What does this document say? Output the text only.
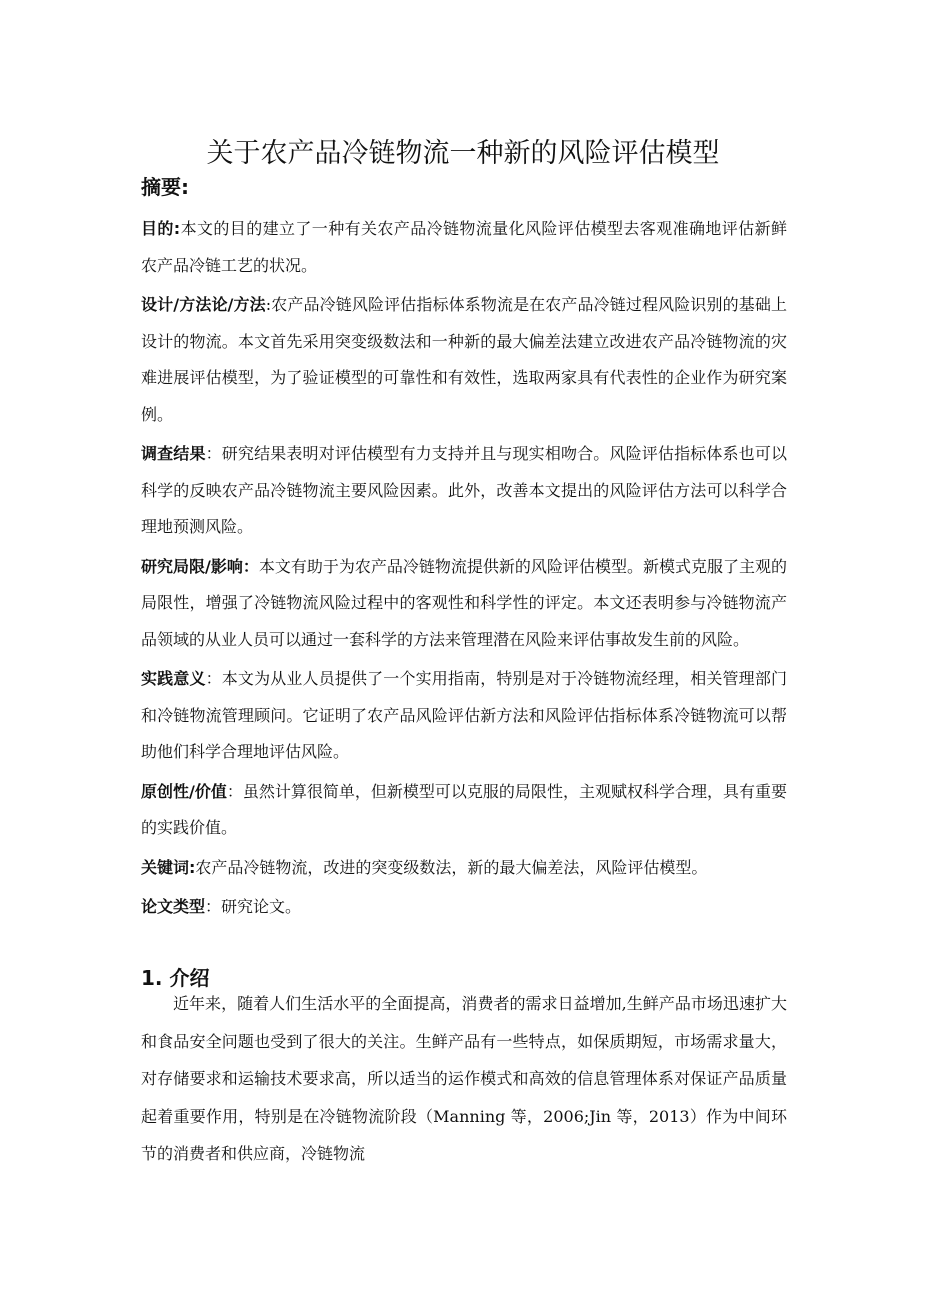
关于农产品冷链物流一种新的风险评估模型
摘要:

目的:本文的目的建立了一种有关农产品冷链物流量化风险评估模型去客观准确地评估新鲜农产品冷链工艺的状况。

设计/方法论/方法:农产品冷链风险评估指标体系物流是在农产品冷链过程风险识别的基础上设计的物流。本文首先采用突变级数法和一种新的最大偏差法建立改进农产品冷链物流的灾难进展评估模型，为了验证模型的可靠性和有效性，选取两家具有代表性的企业作为研究案例。

调查结果：研究结果表明对评估模型有力支持并且与现实相吻合。风险评估指标体系也可以科学的反映农产品冷链物流主要风险因素。此外，改善本文提出的风险评估方法可以科学合理地预测风险。

研究局限/影响：本文有助于为农产品冷链物流提供新的风险评估模型。新模式克服了主观的局限性，增强了冷链物流风险过程中的客观性和科学性的评定。本文还表明参与冷链物流产品领域的从业人员可以通过一套科学的方法来管理潜在风险来评估事故发生前的风险。

实践意义：本文为从业人员提供了一个实用指南，特别是对于冷链物流经理，相关管理部门和冷链物流管理顾问。它证明了农产品风险评估新方法和风险评估指标体系冷链物流可以帮助他们科学合理地评估风险。

原创性/价值：虽然计算很简单，但新模型可以克服的局限性，主观赋权科学合理，具有重要的实践价值。

关键词:农产品冷链物流，改进的突变级数法，新的最大偏差法，风险评估模型。

论文类型：研究论文。

1. 介绍

近年来，随着人们生活水平的全面提高，消费者的需求日益增加,生鲜产品市场迅速扩大和食品安全问题也受到了很大的关注。生鲜产品有一些特点，如保质期短，市场需求量大，对存储要求和运输技术要求高，所以适当的运作模式和高效的信息管理体系对保证产品质量起着重要作用，特别是在冷链物流阶段（Manning 等，2006;Jin 等，2013）作为中间环节的消费者和供应商，冷链物流
